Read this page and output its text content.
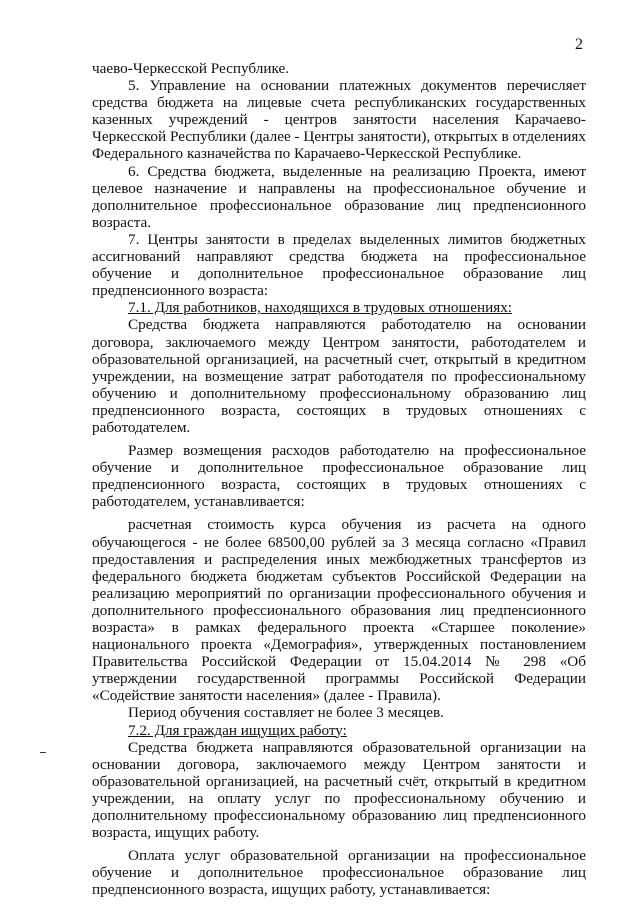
2

чаево-Черкесской Республике.

5. Управление на основании платежных документов перечисляет средства бюджета на лицевые счета республиканских государственных казенных учреждений - центров занятости населения Карачаево-Черкесской Республики (далее - Центры занятости), открытых в отделениях Федерального казначейства по Карачаево-Черкесской Республике.

6. Средства бюджета, выделенные на реализацию Проекта, имеют целевое назначение и направлены на профессиональное обучение и дополнительное профессиональное образование лиц предпенсионного возраста.

7. Центры занятости в пределах выделенных лимитов бюджетных ассигнований направляют средства бюджета на профессиональное обучение и дополнительное профессиональное образование лиц предпенсионного возраста:

7.1. Для работников, находящихся в трудовых отношениях:

Средства бюджета направляются работодателю на основании договора, заключаемого между Центром занятости, работодателем и образовательной организацией, на расчетный счет, открытый в кредитном учреждении, на возмещение затрат работодателя по профессиональному обучению и дополнительному профессиональному образованию лиц предпенсионного возраста, состоящих в трудовых отношениях с работодателем.

Размер возмещения расходов работодателю на профессиональное обучение и дополнительное профессиональное образование лиц предпенсионного возраста, состоящих в трудовых отношениях с работодателем, устанавливается:

расчетная стоимость курса обучения из расчета на одного обучающегося - не более 68500,00 рублей за 3 месяца согласно «Правил предоставления и распределения иных межбюджетных трансфертов из федерального бюджета бюджетам субъектов Российской Федерации на реализацию мероприятий по организации профессионального обучения и дополнительного профессионального образования лиц предпенсионного возраста» в рамках федерального проекта «Старшее поколение» национального проекта «Демография», утвержденных постановлением Правительства Российской Федерации от 15.04.2014 № 298 «Об утверждении государственной программы Российской Федерации «Содействие занятости населения» (далее - Правила).

Период обучения составляет не более 3 месяцев.

7.2. Для граждан ищущих работу:

Средства бюджета направляются образовательной организации на основании договора, заключаемого между Центром занятости и образовательной организацией, на расчетный счёт, открытый в кредитном учреждении, на оплату услуг по профессиональному обучению и дополнительному профессиональному образованию лиц предпенсионного возраста, ищущих работу.

Оплата услуг образовательной организации на профессиональное обучение и дополнительное профессиональное образование лиц предпенсионного возраста, ищущих работу, устанавливается:
